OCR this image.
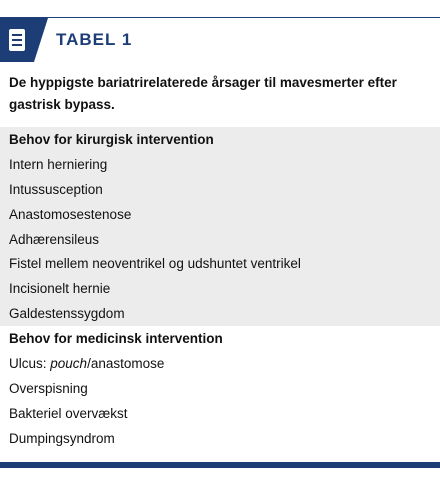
TABEL 1
De hyppigste bariatrirelaterede årsager til mavesmerter efter gastrisk bypass.
Behov for kirurgisk intervention
Intern herniering
Intussusception
Anastomosestenose
Adhærensileus
Fistel mellem neoventrikel og udshuntet ventrikel
Incisionelt hernie
Galdestenssygdom
Behov for medicinsk intervention
Ulcus: pouch/anastomose
Overspisning
Bakteriel overvækst
Dumpingsyndrom
